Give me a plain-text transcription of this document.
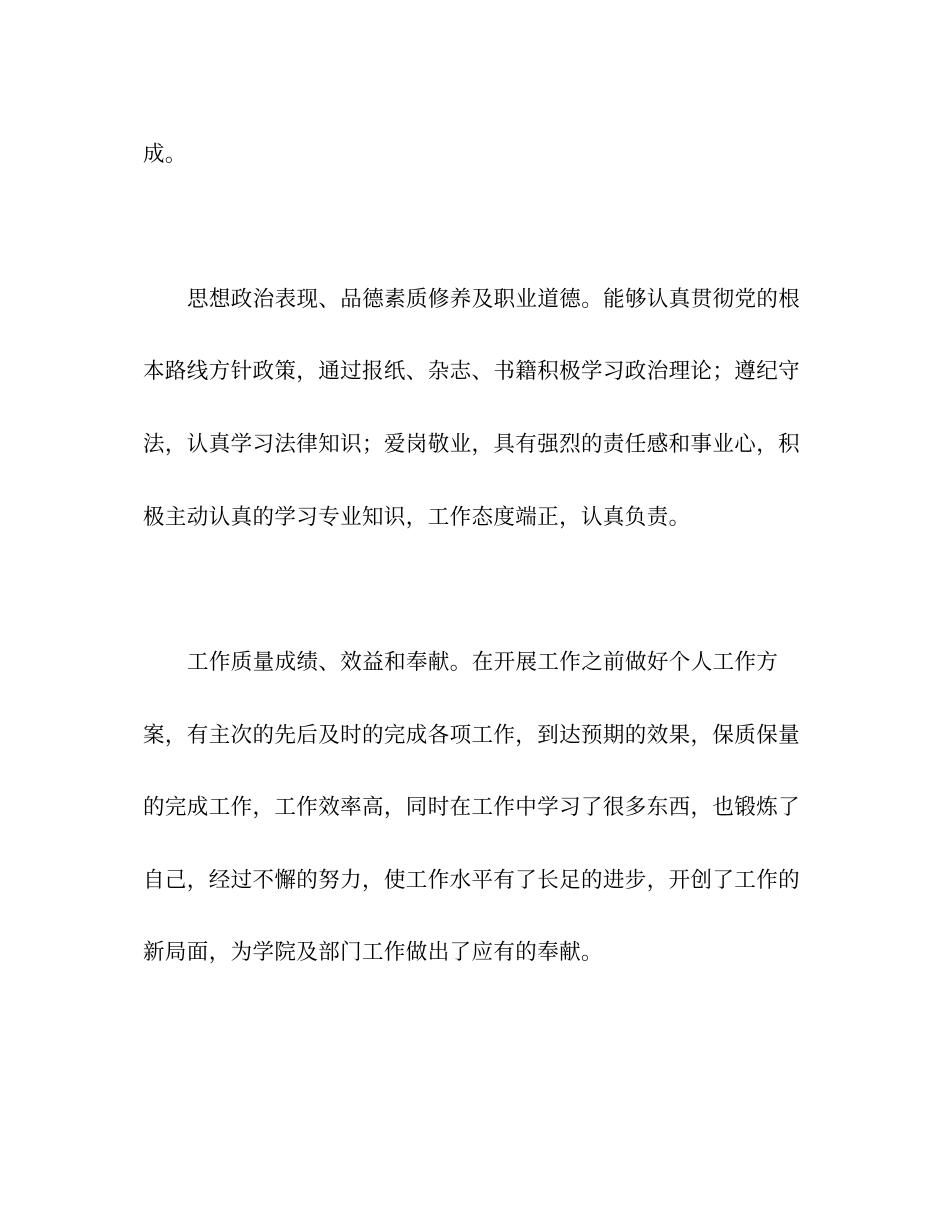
成。
思想政治表现、品德素质修养及职业道德。能够认真贯彻党的根
本路线方针政策，通过报纸、杂志、书籍积极学习政治理论；遵纪守
法，认真学习法律知识；爱岗敬业，具有强烈的责任感和事业心，积
极主动认真的学习专业知识，工作态度端正，认真负责。
工作质量成绩、效益和奉献。在开展工作之前做好个人工作方
案，有主次的先后及时的完成各项工作，到达预期的效果，保质保量
的完成工作，工作效率高，同时在工作中学习了很多东西，也锻炼了
自己，经过不懈的努力，使工作水平有了长足的进步，开创了工作的
新局面，为学院及部门工作做出了应有的奉献。
